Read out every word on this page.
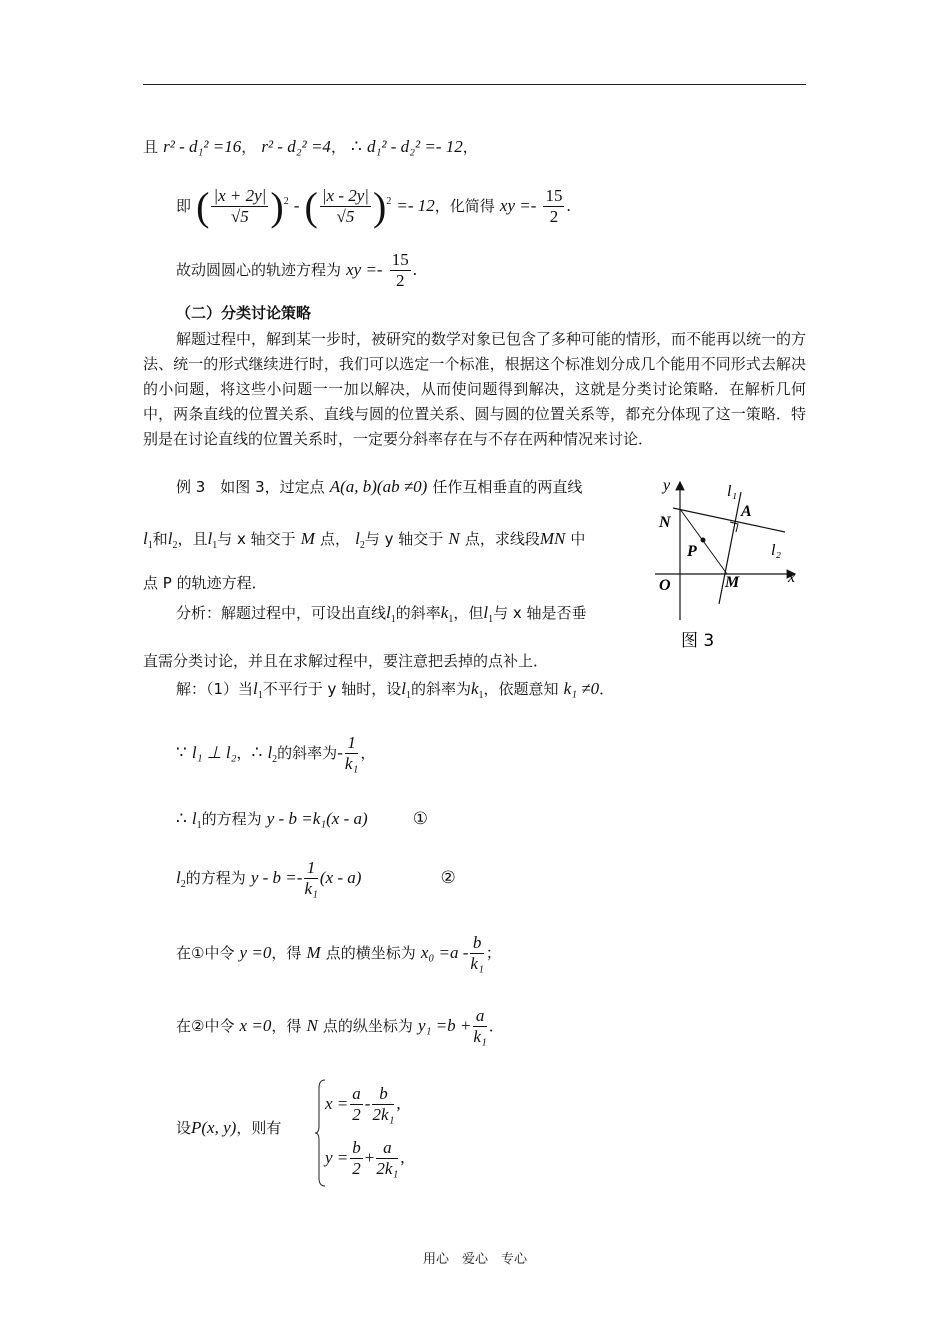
且 r² - d₁² =16， r² - d₂² =4， ∴ d₁² - d₂² =- 12，
即 ( $\frac{|x + 2y|}{√5} )^2$ - ( $\frac{|x - 2y|}{√5} )^2 =- 12$，化简得 xy =- $\frac{15}{2}$ .
故动圆圆心的轨迹方程为 xy =- $\frac{15}{2}$ .
（二）分类讨论策略
解题过程中，解到某一步时，被研究的数学对象已包含了多种可能的情形，而不能再以统一的方法、统一的形式继续进行时，我们可以选定一个标准，根据这个标准划分成几个能用不同形式去解决的小问题，将这些小问题一一加以解决，从而使问题得到解决，这就是分类讨论策略．在解析几何中，两条直线的位置关系、直线与圆的位置关系、圆与圆的位置关系等，都充分体现了这一策略．特别是在讨论直线的位置关系时，一定要分斜率存在与不存在两种情况来讨论．
例 3　如图 3，过定点 A(a, b)(ab ≠0) 任作互相垂直的两直线
$l_1$和$l_2$，且$l_1$与 x 轴交于 M 点， $l_2$与 y 轴交于 N 点，求线段MN 中
点 P 的轨迹方程．
分析：解题过程中，可设出直线$l_1$的斜率$k_1$，但$l_1$与 x 轴是否垂
直需分类讨论，并且在求解过程中，要注意把丢掉的点补上．
解：（1）当$l_1$不平行于 y 轴时，设$l_1$的斜率为$k_1$，依题意知 k₁ ≠0．
∵ l₁ ⊥ l₂，∴ $l_2$的斜率为- $\frac{1}{\text{k₁}}$ ，
∴ $l_1$的方程为 y - b =k₁(x - a)	①
$l_2$的方程为 $y - b =- \frac{1}{\text{k₁}} (x - a)$	②
在①中令 y =0，得 M 点的横坐标为 $x_0 =a - \frac{b}{\text{k₁}}$ ；
在②中令 x =0，得 N 点的纵坐标为 $y_1 =b + \frac{a}{\text{k₁}}$ ．
设P(x, y)，则有
$x = \frac{a}{2} - \frac{b}{\text{2k₁}}$ ,
$y = \frac{b}{2} + \frac{a}{\text{2k₁}}$ ,
y
x
l₁
l₂
A
N
P
O	M
图 3
用心　爱心　专心
